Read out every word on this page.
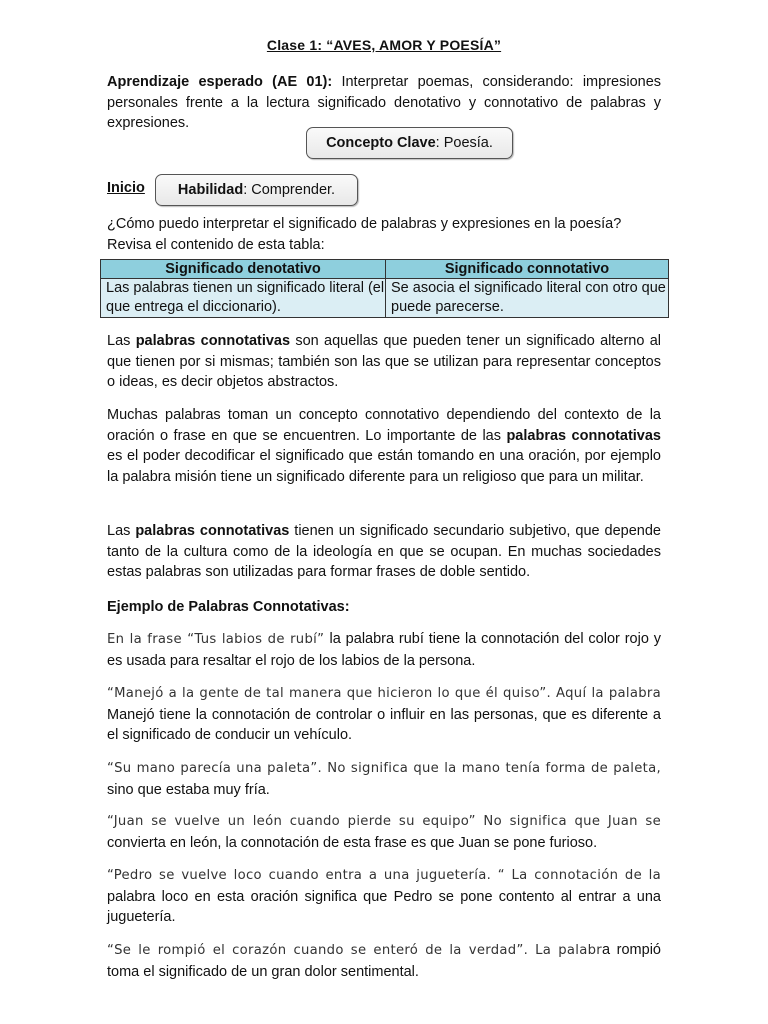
Clase 1: “AVES, AMOR Y POESÍA”
Aprendizaje esperado (AE 01): Interpretar poemas, considerando: impresiones personales frente a la lectura significado denotativo y connotativo de palabras y expresiones.
Concepto Clave : Poesía.
Inicio Habilidad : Comprender.
¿Cómo puedo interpretar el significado de palabras y expresiones en la poesía?
Revisa el contenido de esta tabla:
Significado denotativo	Significado connotativo
Las palabras tienen un significado literal (el que entrega el diccionario).	Se asocia el significado literal con otro que puede parecerse.
Las palabras connotativas son aquellas que pueden tener un significado alterno al que tienen por si mismas; también son las que se utilizan para representar conceptos o ideas, es decir objetos abstractos.
Muchas palabras toman un concepto connotativo dependiendo del contexto de la oración o frase en que se encuentren. Lo importante de las palabras connotativas es el poder decodificar el significado que están tomando en una oración, por ejemplo la palabra misión tiene un significado diferente para un religioso que para un militar.
Las palabras connotativas tienen un significado secundario subjetivo, que depende tanto de la cultura como de la ideología en que se ocupan. En muchas sociedades estas palabras son utilizadas para formar frases de doble sentido.
Ejemplo de Palabras Connotativas:
En la frase “Tus labios de rubí” la palabra rubí tiene la connotación del color rojo y es usada para resaltar el rojo de los labios de la persona.
“Manejó a la gente de tal manera que hicieron lo que él quiso”. Aquí la palabra Manejó tiene la connotación de controlar o influir en las personas, que es diferente a el significado de conducir un vehículo.
“Su mano parecía una paleta”. No significa que la mano tenía forma de paleta, sino que estaba muy fría.
“Juan se vuelve un león cuando pierde su equipo” No significa que Juan se convierta en león, la connotación de esta frase es que Juan se pone furioso.
“Pedro se vuelve loco cuando entra a una juguetería. “ La connotación de la palabra loco en esta oración significa que Pedro se pone contento al entrar a una juguetería.
“Se le rompió el corazón cuando se enteró de la verdad”. La palabra rompió toma el significado de un gran dolor sentimental.
